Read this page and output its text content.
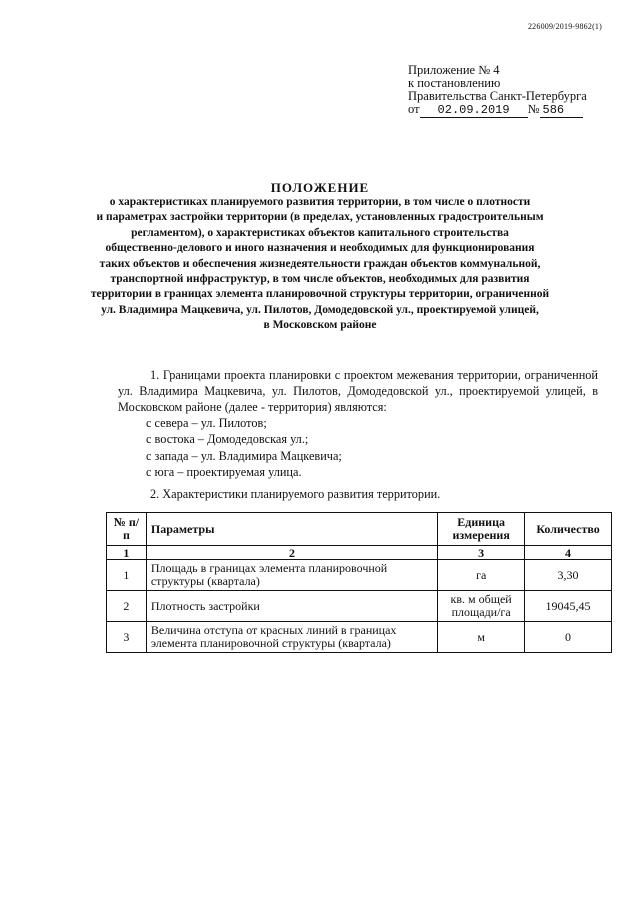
226009/2019-9862(1)
Приложение № 4
к постановлению
Правительства Санкт-Петербурга
от 02.09.2019 № 586
ПОЛОЖЕНИЕ
о характеристиках планируемого развития территории, в том числе о плотности
и параметрах застройки территории (в пределах, установленных градостроительным
регламентом), о характеристиках объектов капитального строительства
общественно-делового и иного назначения и необходимых для функционирования
таких объектов и обеспечения жизнедеятельности граждан объектов коммунальной,
транспортной инфраструктур, в том числе объектов, необходимых для развития
территории в границах элемента планировочной структуры территории, ограниченной
ул. Владимира Мацкевича, ул. Пилотов, Домодедовской ул., проектируемой улицей,
в Московском районе
1. Границами проекта планировки с проектом межевания территории, ограниченной ул. Владимира Мацкевича, ул. Пилотов, Домодедовской ул., проектируемой улицей, в Московском районе (далее - территория) являются:
с севера – ул. Пилотов;
с востока – Домодедовская ул.;
с запада – ул. Владимира Мацкевича;
с юга – проектируемая улица.
2. Характеристики планируемого развития территории.
№ п/п	Параметры	Единица измерения	Количество
1	2	3	4
1	Площадь в границах элемента планировочной структуры (квартала)	га	3,30
2	Плотность застройки	кв. м общей площади/га	19045,45
3	Величина отступа от красных линий в границах элемента планировочной структуры (квартала)	м	0
